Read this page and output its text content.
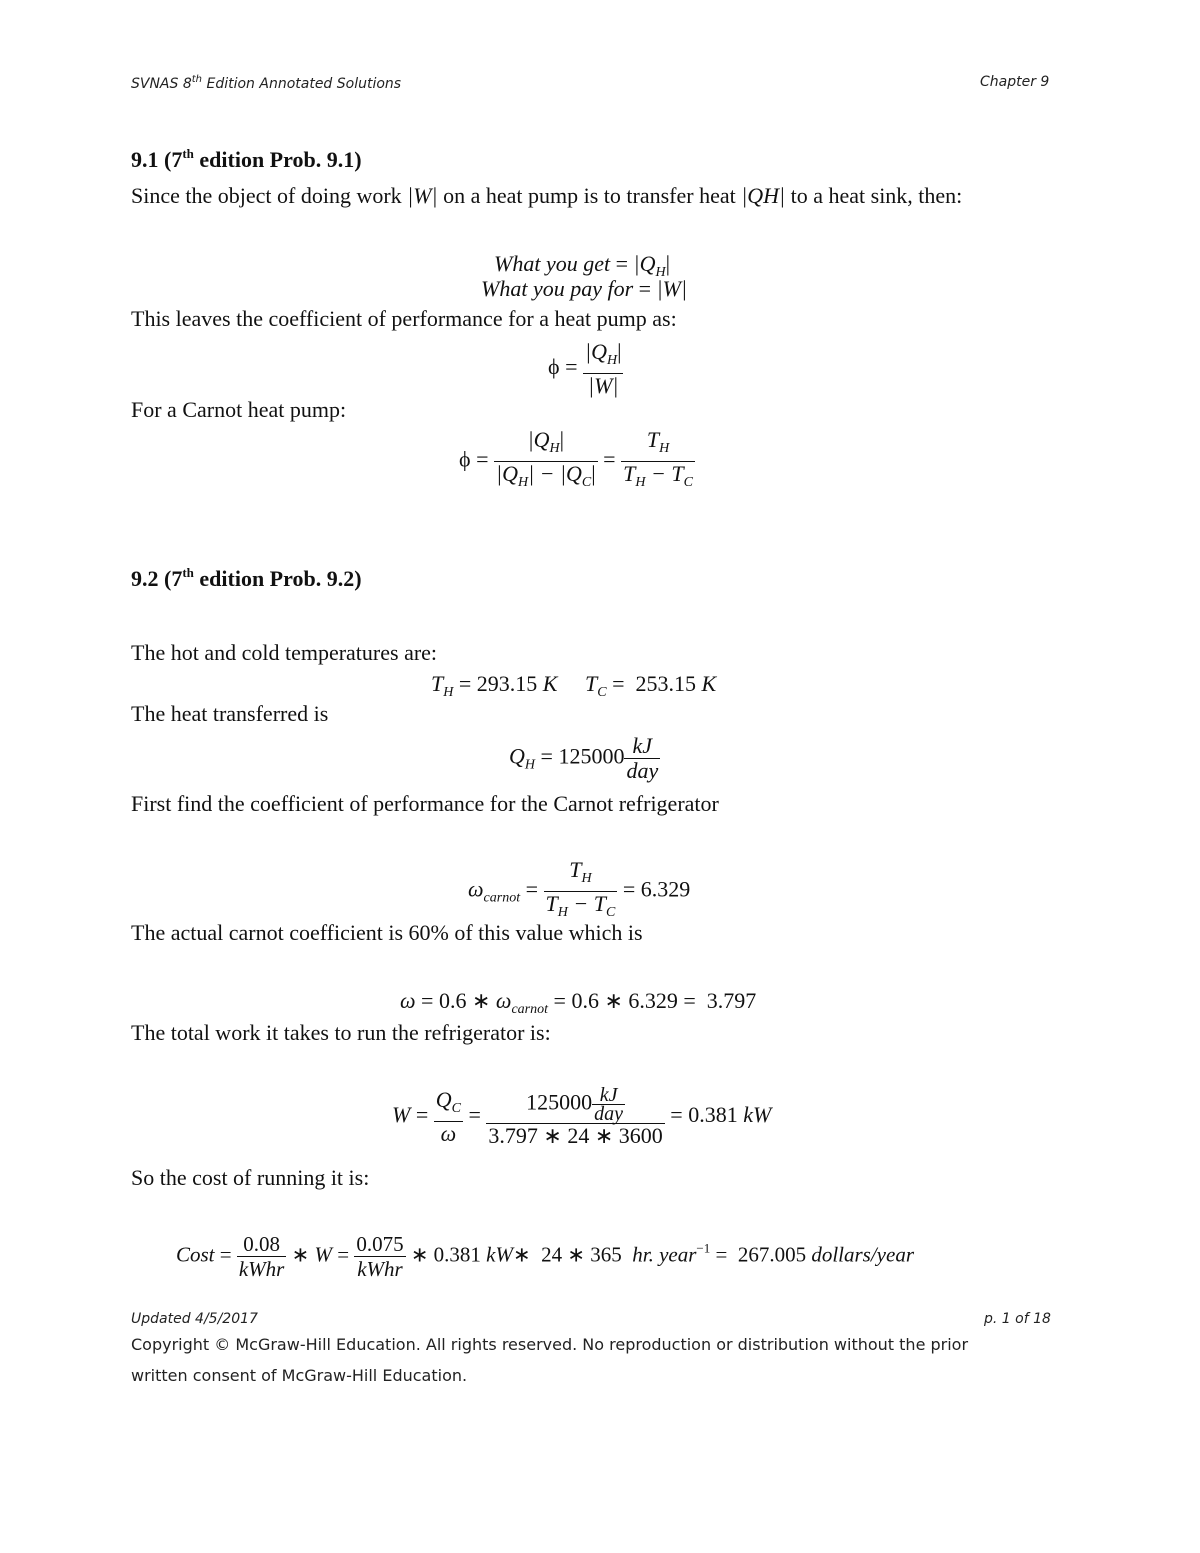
SVNAS 8th Edition Annotated Solutions	Chapter 9
9.1 (7th edition Prob. 9.1)
Since the object of doing work |W| on a heat pump is to transfer heat |QH| to a heat sink, then:
What you get = $|Q_H|$
What you pay for = |W|
This leaves the coefficient of performance for a heat pump as:
$\phi = \frac{|Q_H|}{|W|}$
For a Carnot heat pump:
$\phi = \frac{|Q_H|}{|Q_H| - |Q_C|} = \frac{T_H}{T_H - T_C}$
9.2 (7th edition Prob. 9.2)
The hot and cold temperatures are:
$T_H = 293.15$ K $T_C = 253.15$ K
The heat transferred is
$Q_H = 125000 \frac{kJ}{\text{day}}$
First find the coefficient of performance for the Carnot refrigerator
$\omega_{carnot} = \frac{T_H}{T_H - T_C} = 6.329$
The actual carnot coefficient is 60% of this value which is
ω = 0.6 ∗ $\omega_{carnot} = 0.6$ ∗ 6.329 =  3.797
The total work it takes to run the refrigerator is:
$W = \frac{Q_C}{\omega} = \frac{125000 \frac{kJ}{\text{day}}}{3.797 ∗ 24 ∗ 3600} = 0.381$ kW
So the cost of running it is:
Cost = $\frac{0.08}{\text{kWhr}}$ ∗ $W = \frac{0.075}{\text{kWhr}}$ ∗ 0.381 kW∗  24 ∗ 365 hr. year$^{-1}$ =  267.005 dollars/year
Updated 4/5/2017	p. 1 of 18
Copyright © McGraw-Hill Education. All rights reserved. No reproduction or distribution without the prior
written consent of McGraw-Hill Education.
